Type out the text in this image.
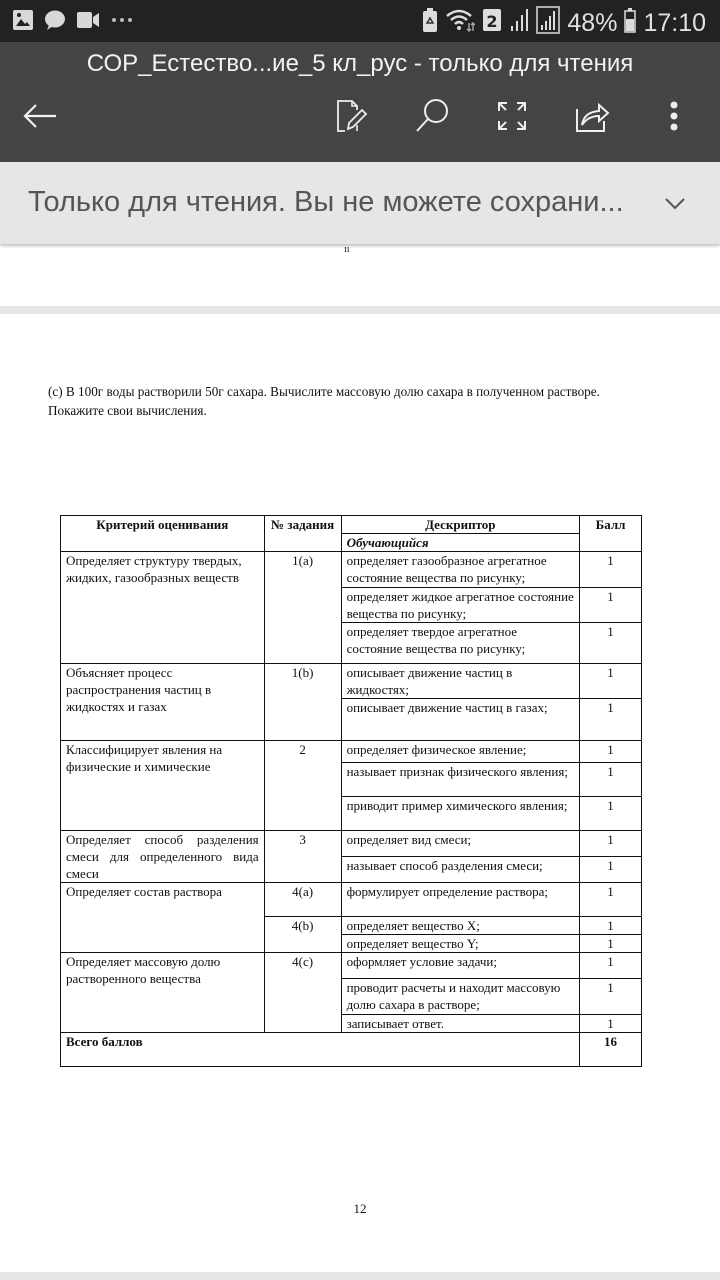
2	48% 17:10
СОР_Естество...ие_5 кл_рус - только для чтения
Только для чтения. Вы не можете сохрани...
ıı
(c) В 100г воды растворили 50г сахара. Вычислите массовую долю сахара в полученном растворе.
Покажите свои вычисления.
Критерий оценивания	№ задания	Дескриптор	Балл
		Обучающийся	
Определяет структуру твердых, жидких, газообразных веществ	1(a)	определяет газообразное агрегатное состояние вещества по рисунку;	1
		определяет жидкое агрегатное состояние вещества по рисунку;	1
		определяет твердое агрегатное состояние вещества по рисунку;	1
Объясняет процесс распространения частиц в жидкостях и газах	1(b)	описывает движение частиц в жидкостях;	1
		описывает движение частиц в газах;	1
Классифицирует явления на физические и химические	2	определяет физическое явление;	1
		называет признак физического явления;	1
		приводит пример химического явления;	1
Определяет способ разделения смеси для определенного вида смеси	3	определяет вид смеси;	1
		называет способ разделения смеси;	1
Определяет состав раствора	4(a)	формулирует определение раствора;	1
	4(b)	определяет вещество X;	1
		определяет вещество Y;	1
Определяет массовую долю растворенного вещества	4(c)	оформляет условие задачи;	1
		проводит расчеты и находит массовую долю сахара в растворе;	1
		записывает ответ.	1
Всего баллов			16
12
